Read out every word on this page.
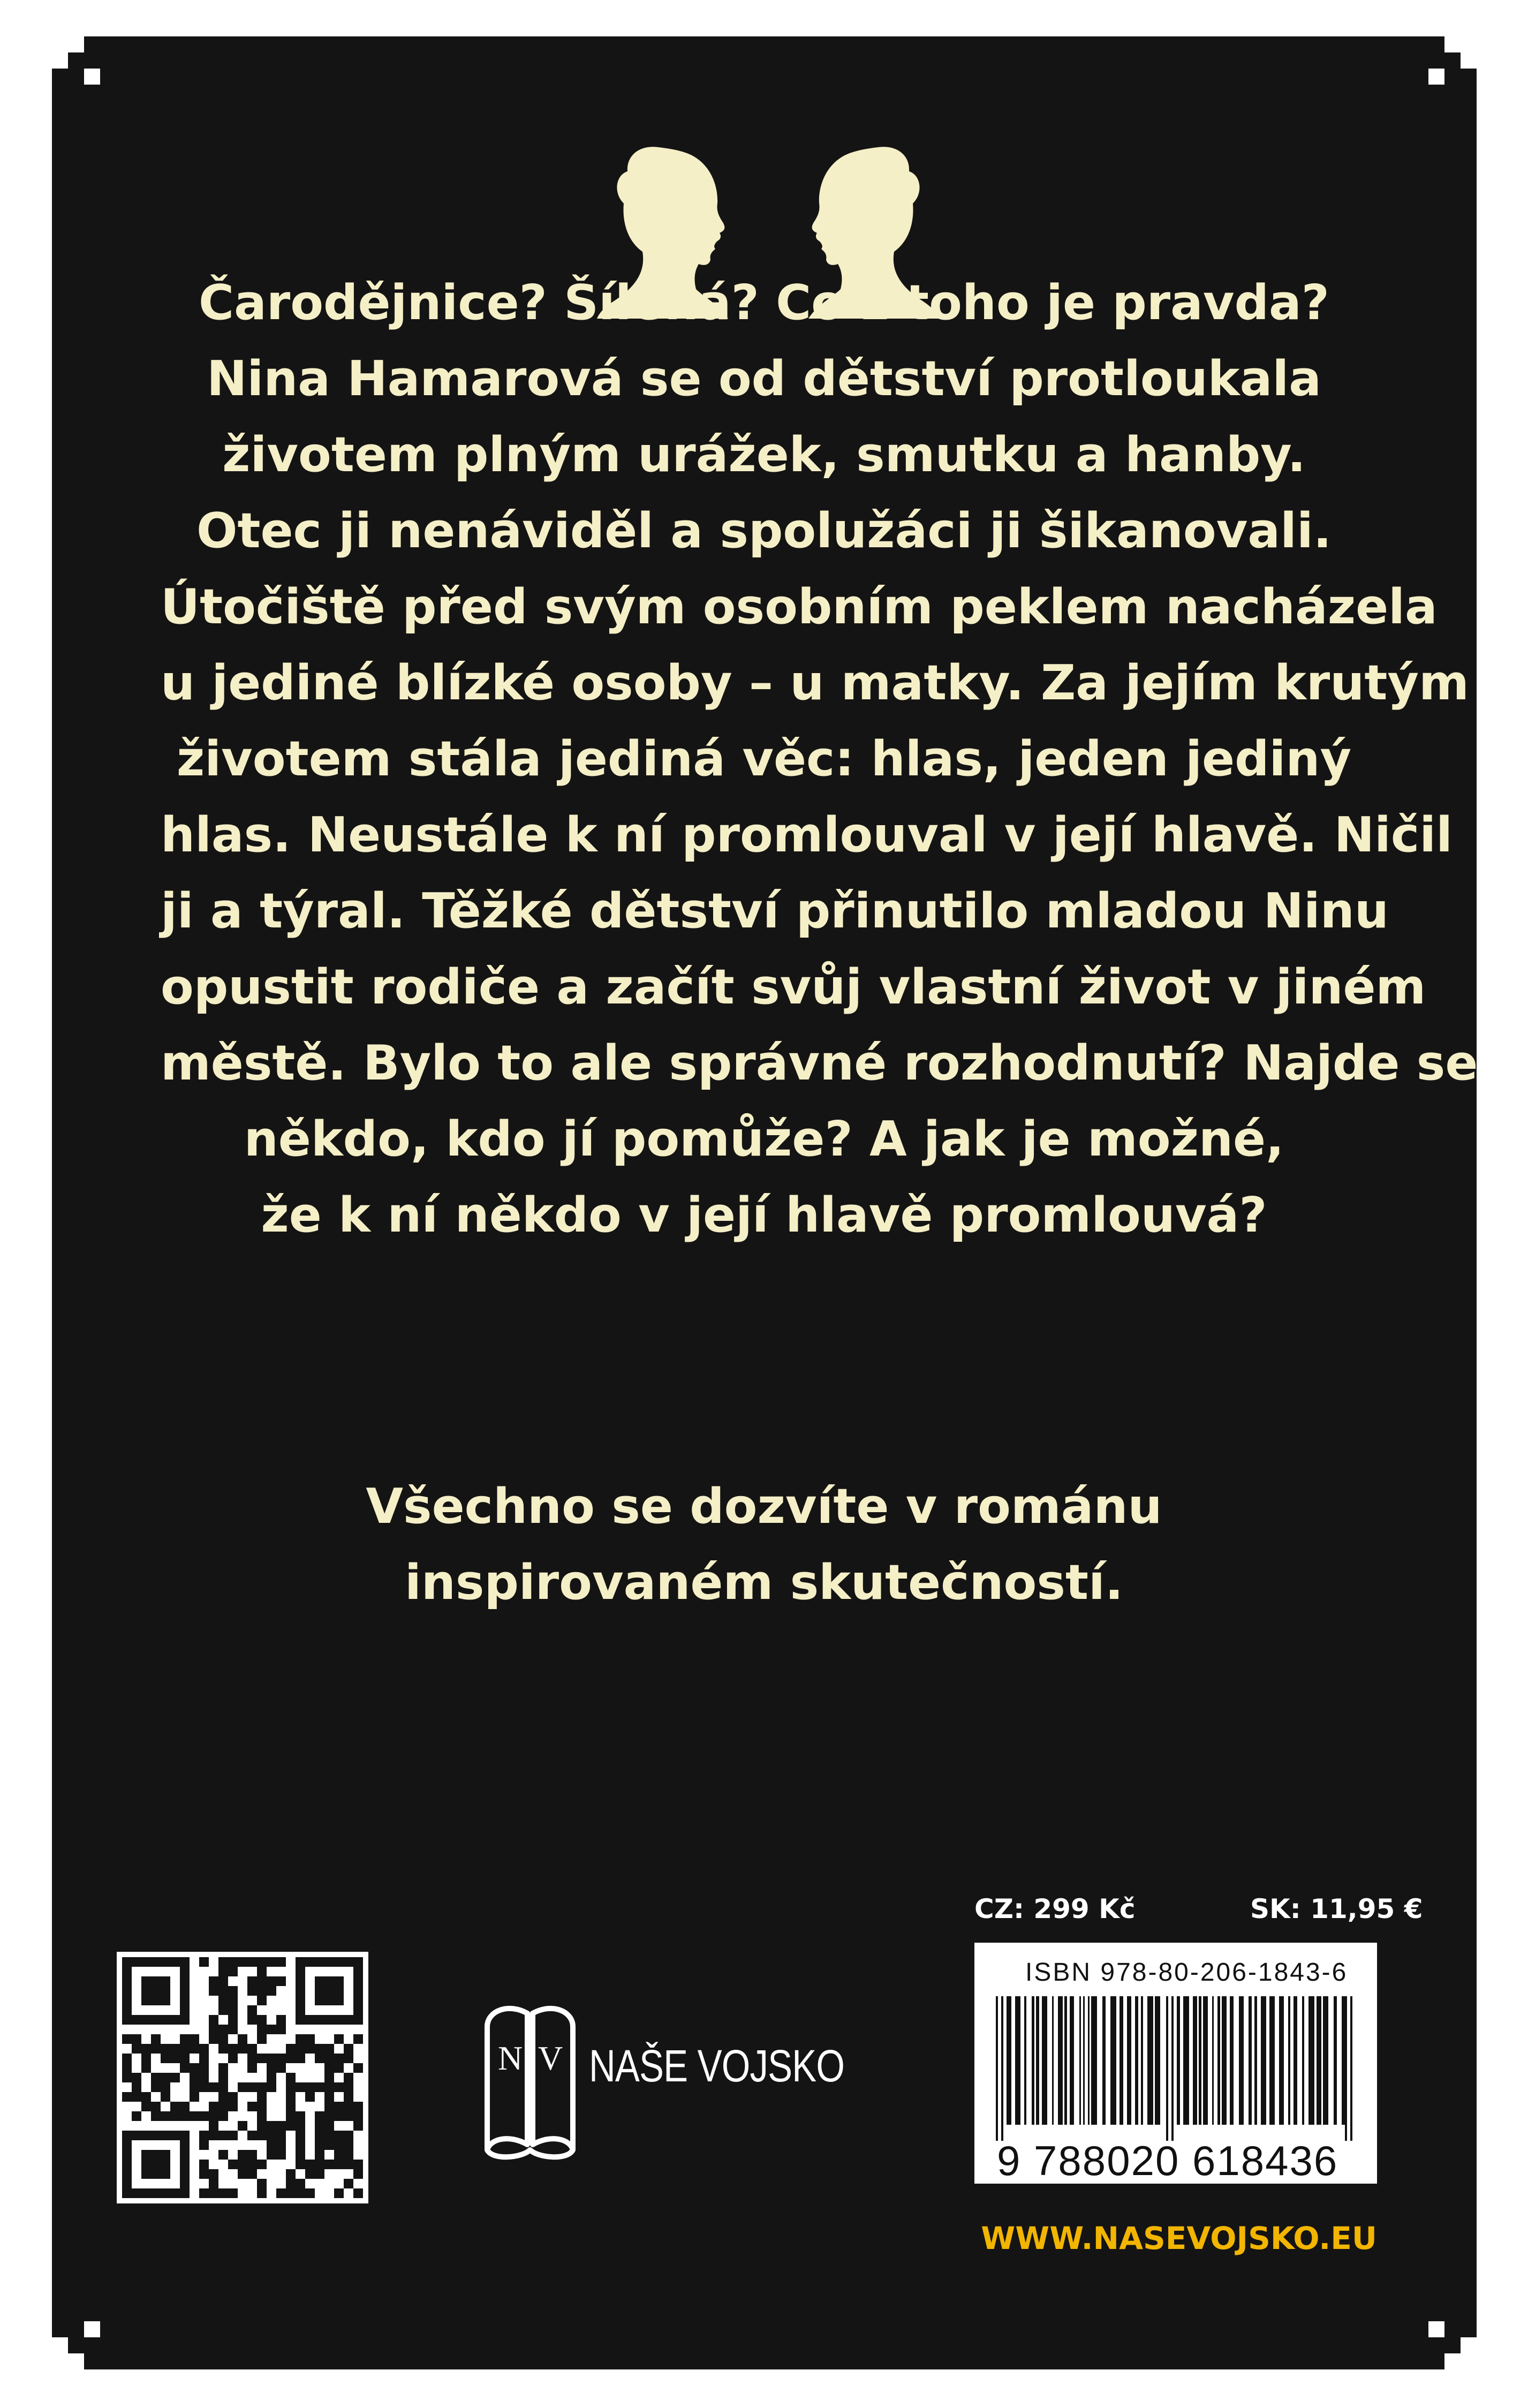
Čarodějnice? Šílená? Co z toho je pravda?
Nina Hamarová se od dětství protloukala
životem plným urážek, smutku a hanby.
Otec ji nenáviděl a spolužáci ji šikanovali.
Útočiště před svým osobním peklem nacházela
u jediné blízké osoby – u matky. Za jejím krutým
životem stála jediná věc: hlas, jeden jediný
hlas. Neustále k ní promlouval v její hlavě. Ničil
ji a týral. Těžké dětství přinutilo mladou Ninu
opustit rodiče a začít svůj vlastní život v jiném
městě. Bylo to ale správné rozhodnutí? Najde se
někdo, kdo jí pomůže? A jak je možné,
že k ní někdo v její hlavě promlouvá?
Všechno se dozvíte v románu
inspirovaném skutečností.
N V NAŠE VOJSKO
CZ: 299 Kč	SK: 11,95 €
ISBN 978-80-206-1843-6
9 788020 618436
WWW.NASEVOJSKO.EU
